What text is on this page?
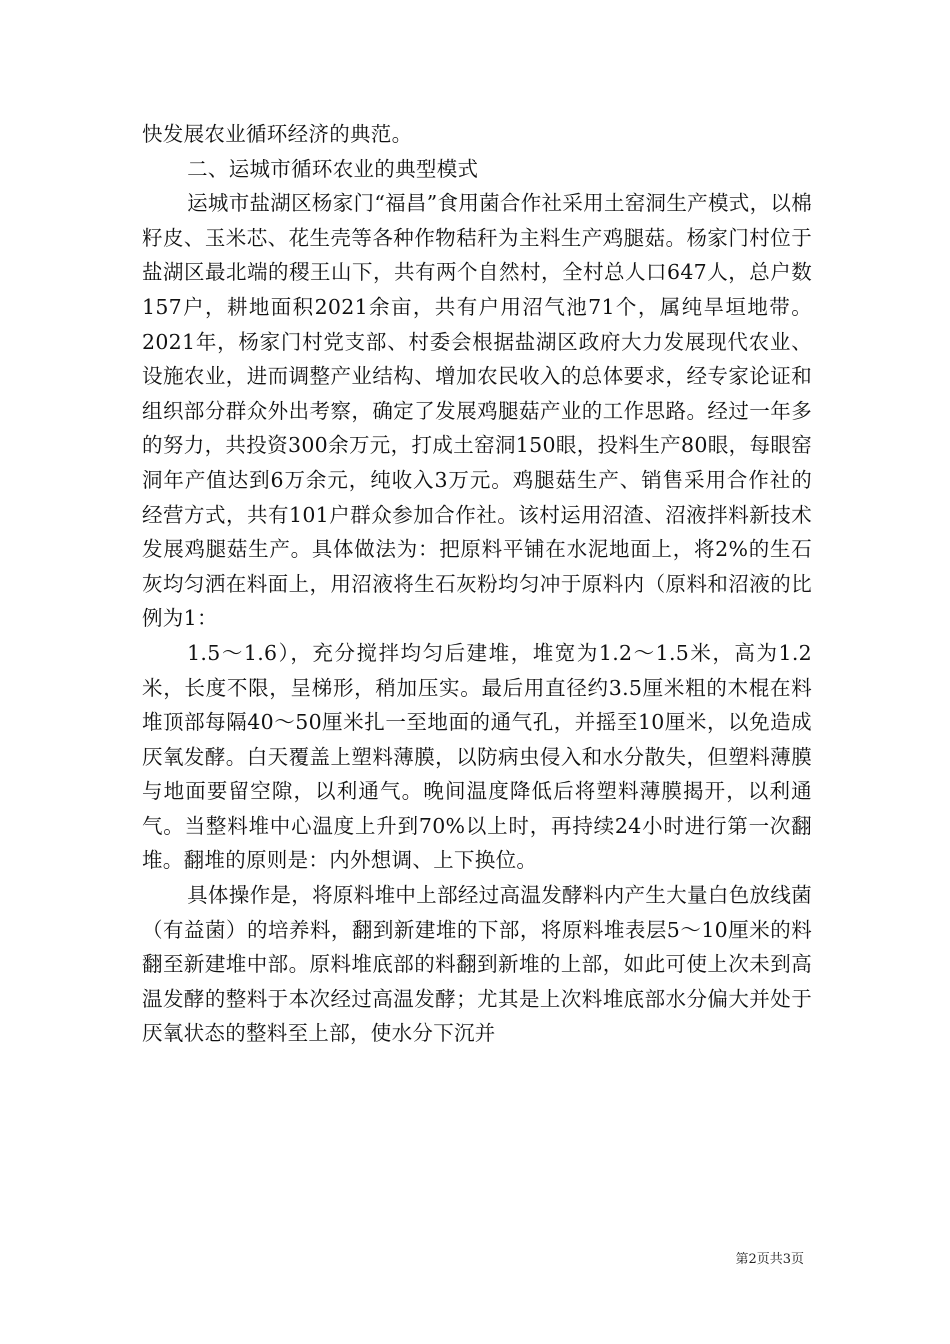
快发展农业循环经济的典范。

二、运城市循环农业的典型模式

运城市盐湖区杨家门“福昌”食用菌合作社采用土窑洞生产模式，以棉籽皮、玉米芯、花生壳等各种作物秸秆为主料生产鸡腿菇。杨家门村位于盐湖区最北端的稷王山下，共有两个自然村，全村总人口647人，总户数157户，耕地面积2021余亩，共有户用沼气池71个，属纯旱垣地带。2021年，杨家门村党支部、村委会根据盐湖区政府大力发展现代农业、设施农业，进而调整产业结构、增加农民收入的总体要求，经专家论证和组织部分群众外出考察，确定了发展鸡腿菇产业的工作思路。经过一年多的努力，共投资300余万元，打成土窑洞150眼，投料生产80眼，每眼窑洞年产值达到6万余元，纯收入3万元。鸡腿菇生产、销售采用合作社的经营方式，共有101户群众参加合作社。该村运用沼渣、沼液拌料新技术发展鸡腿菇生产。具体做法为：把原料平铺在水泥地面上，将2%的生石灰均匀洒在料面上，用沼液将生石灰粉均匀冲于原料内（原料和沼液的比例为1：

1.5～1.6），充分搅拌均匀后建堆，堆宽为1.2～1.5米，高为1.2米，长度不限，呈梯形，稍加压实。最后用直径约3.5厘米粗的木棍在料堆顶部每隔40～50厘米扎一至地面的通气孔，并摇至10厘米，以免造成厌氧发酵。白天覆盖上塑料薄膜，以防病虫侵入和水分散失，但塑料薄膜与地面要留空隙，以利通气。晚间温度降低后将塑料薄膜揭开，以利通气。当整料堆中心温度上升到70%以上时，再持续24小时进行第一次翻堆。翻堆的原则是：内外想调、上下换位。

具体操作是，将原料堆中上部经过高温发酵料内产生大量白色放线菌（有益菌）的培养料，翻到新建堆的下部，将原料堆表层5～10厘米的料翻至新建堆中部。原料堆底部的料翻到新堆的上部，如此可使上次未到高温发酵的整料于本次经过高温发酵；尤其是上次料堆底部水分偏大并处于厌氧状态的整料至上部，使水分下沉并

第2页共3页
